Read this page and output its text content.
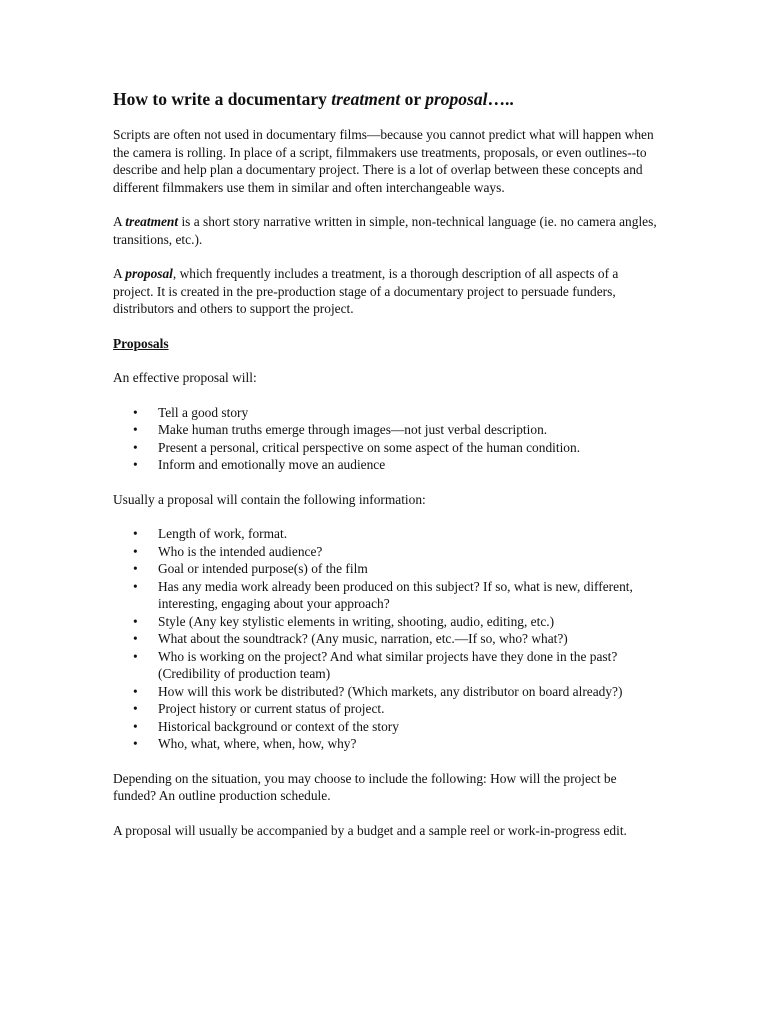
How to write a documentary treatment or proposal…..

Scripts are often not used in documentary films—because you cannot predict what will happen when the camera is rolling. In place of a script, filmmakers use treatments, proposals, or even outlines--to describe and help plan a documentary project. There is a lot of overlap between these concepts and different filmmakers use them in similar and often interchangeable ways.

A treatment is a short story narrative written in simple, non-technical language (ie. no camera angles, transitions, etc.).

A proposal, which frequently includes a treatment, is a thorough description of all aspects of a project. It is created in the pre-production stage of a documentary project to persuade funders, distributors and others to support the project.

Proposals

An effective proposal will:

• Tell a good story
• Make human truths emerge through images—not just verbal description.
• Present a personal, critical perspective on some aspect of the human condition.
• Inform and emotionally move an audience

Usually a proposal will contain the following information:

• Length of work, format.
• Who is the intended audience?
• Goal or intended purpose(s) of the film
• Has any media work already been produced on this subject? If so, what is new, different, interesting, engaging about your approach?
• Style (Any key stylistic elements in writing, shooting, audio, editing, etc.)
• What about the soundtrack? (Any music, narration, etc.—If so, who? what?)
• Who is working on the project? And what similar projects have they done in the past? (Credibility of production team)
• How will this work be distributed? (Which markets, any distributor on board already?)
• Project history or current status of project.
• Historical background or context of the story
• Who, what, where, when, how, why?

Depending on the situation, you may choose to include the following: How will the project be funded? An outline production schedule.

A proposal will usually be accompanied by a budget and a sample reel or work-in-progress edit.
